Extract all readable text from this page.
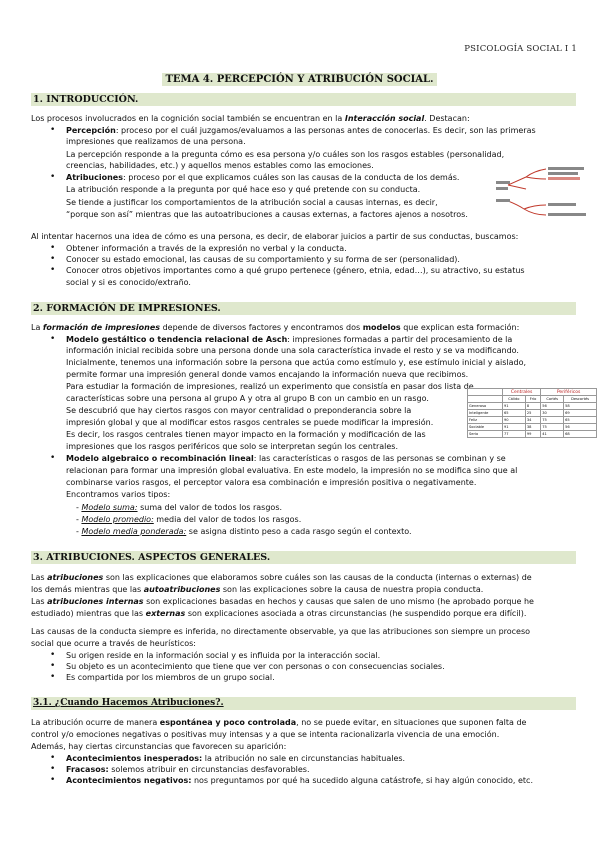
PSICOLOGÍA SOCIAL I 1
TEMA 4. PERCEPCIÓN Y ATRIBUCIÓN SOCIAL.
1. INTRODUCCIÓN.
Los procesos involucrados en la cognición social también se encuentran en la Interacción social. Destacan:
• Percepción: proceso por el cuál juzgamos/evaluamos a las personas antes de conocerlas. Es decir, son las primeras
impresiones que realizamos de una persona.
La percepción responde a la pregunta cómo es esa persona y/o cuáles son los rasgos estables (personalidad,
creencias, habilidades, etc.) y aquellos menos estables como las emociones.
• Atribuciones: proceso por el que explicamos cuáles son las causas de la conducta de los demás.
La atribución responde a la pregunta por qué hace eso y qué pretende con su conducta.
Se tiende a justificar los comportamientos de la atribución social a causas internas, es decir,
“porque son así” mientras que las autoatribuciones a causas externas, a factores ajenos a nosotros.
Al intentar hacernos una idea de cómo es una persona, es decir, de elaborar juicios a partir de sus conductas, buscamos:
• Obtener información a través de la expresión no verbal y la conducta.
• Conocer su estado emocional, las causas de su comportamiento y su forma de ser (personalidad).
• Conocer otros objetivos importantes como a qué grupo pertenece (género, etnia, edad…), su atractivo, su estatus
social y si es conocido/extraño.
2. FORMACIÓN DE IMPRESIONES.
La formación de impresiones depende de diversos factores y encontramos dos modelos que explican esta formación:
• Modelo gestáltico o tendencia relacional de Asch: impresiones formadas a partir del procesamiento de la
información inicial recibida sobre una persona donde una sola característica invade el resto y se va modificando.
Inicialmente, tenemos una información sobre la persona que actúa como estímulo y, ese estímulo inicial y aislado,
permite formar una impresión general donde vamos encajando la información nueva que recibimos.
Para estudiar la formación de impresiones, realizó un experimento que consistía en pasar dos lista de
características sobre una persona al grupo A y otra al grupo B con un cambio en un rasgo.
Se descubrió que hay ciertos rasgos con mayor centralidad o preponderancia sobre la
impresión global y que al modificar estos rasgos centrales se puede modificar la impresión.
Es decir, los rasgos centrales tienen mayor impacto en la formación y modificación de las
impresiones que los rasgos periféricos que solo se interpretan según los centrales.
	Centrales		Periféricos	
	Cálido	Frío	Cortés	Descortés
Generoso	91	8	56	58
Inteligente	65	25	30	69
Feliz	90	34	75	65
Sociable	91	38	75	56
Serio	77	99	41	68
• Modelo algebraico o recombinación lineal: las características o rasgos de las personas se combinan y se
relacionan para formar una impresión global evaluativa. En este modelo, la impresión no se modifica sino que al
combinarse varios rasgos, el perceptor valora esa combinación e impresión positiva o negativamente.
Encontramos varios tipos:
- Modelo suma: suma del valor de todos los rasgos.
- Modelo promedio: media del valor de todos los rasgos.
- Modelo media ponderada: se asigna distinto peso a cada rasgo según el contexto.
3. ATRIBUCIONES. ASPECTOS GENERALES.
Las atribuciones son las explicaciones que elaboramos sobre cuáles son las causas de la conducta (internas o externas) de
los demás mientras que las autoatribuciones son las explicaciones sobre la causa de nuestra propia conducta.
Las atribuciones internas son explicaciones basadas en hechos y causas que salen de uno mismo (he aprobado porque he
estudiado) mientras que las externas son explicaciones asociada a otras circunstancias (he suspendido porque era difícil).
Las causas de la conducta siempre es inferida, no directamente observable, ya que las atribuciones son siempre un proceso
social que ocurre a través de heurísticos:
• Su origen reside en la información social y es influida por la interacción social.
• Su objeto es un acontecimiento que tiene que ver con personas o con consecuencias sociales.
• Es compartida por los miembros de un grupo social.
3.1. ¿Cuando Hacemos Atribuciones?.
La atribución ocurre de manera espontánea y poco controlada, no se puede evitar, en situaciones que suponen falta de
control y/o emociones negativas o positivas muy intensas y a que se intenta racionalizarla vivencia de una emoción.
Además, hay ciertas circunstancias que favorecen su aparición:
• Acontecimientos inesperados: la atribución no sale en circunstancias habituales.
• Fracasos: solemos atribuir en circunstancias desfavorables.
• Acontecimientos negativos: nos preguntamos por qué ha sucedido alguna catástrofe, si hay algún conocido, etc.
